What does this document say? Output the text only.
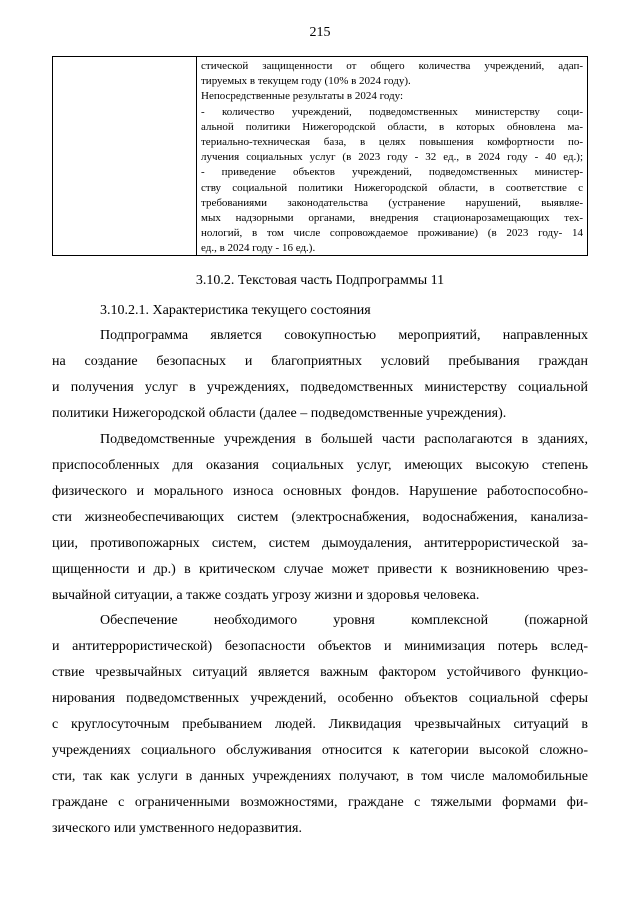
215
стической защищенности от общего количества учреждений, адап-
тируемых в текущем году (10% в 2024 году).
Непосредственные результаты в 2024 году:
- количество учреждений, подведомственных министерству соци-
альной политики Нижегородской области, в которых обновлена ма-
териально-техническая база, в целях повышения комфортности по-
лучения социальных услуг (в 2023 году - 32 ед., в 2024 году - 40 ед.);
- приведение объектов учреждений, подведомственных министер-
ству социальной политики Нижегородской области, в соответствие с
требованиями законодательства (устранение нарушений, выявляе-
мых надзорными органами, внедрения стационарозамещающих тех-
нологий, в том числе сопровождаемое проживание) (в 2023 году- 14
ед., в 2024 году - 16 ед.).
3.10.2. Текстовая часть Подпрограммы 11
3.10.2.1. Характеристика текущего состояния
Подпрограмма является совокупностью мероприятий, направленных
на создание безопасных и благоприятных условий пребывания граждан
и получения услуг в учреждениях, подведомственных министерству социальной
политики Нижегородской области (далее – подведомственные учреждения).
Подведомственные учреждения в большей части располагаются в зданиях,
приспособленных для оказания социальных услуг, имеющих высокую степень
физического и морального износа основных фондов. Нарушение работоспособно-
сти жизнеобеспечивающих систем (электроснабжения, водоснабжения, канализа-
ции, противопожарных систем, систем дымоудаления, антитеррористической за-
щищенности и др.) в критическом случае может привести к возникновению чрез-
вычайной ситуации, а также создать угрозу жизни и здоровья человека.
Обеспечение необходимого уровня комплексной (пожарной
и антитеррористической) безопасности объектов и минимизация потерь вслед-
ствие чрезвычайных ситуаций является важным фактором устойчивого функцио-
нирования подведомственных учреждений, особенно объектов социальной сферы
с круглосуточным пребыванием людей. Ликвидация чрезвычайных ситуаций в
учреждениях социального обслуживания относится к категории высокой сложно-
сти, так как услуги в данных учреждениях получают, в том числе маломобильные
граждане с ограниченными возможностями, граждане с тяжелыми формами фи-
зического или умственного недоразвития.
